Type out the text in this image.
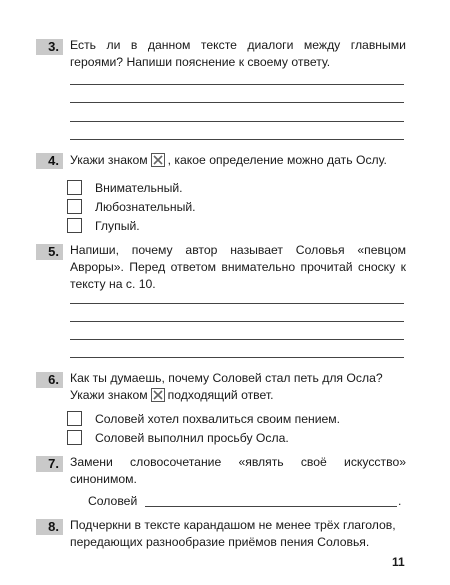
3. Есть ли в данном тексте диалоги между главными героями? Напиши пояснение к своему ответу.

4. Укажи знаком , какое определение можно дать Ослу.

Внимательный.
Любознательный.
Глупый.
5. Напиши, почему автор называет Соловья «певцом Авроры». Перед ответом внимательно прочитай сноску к тексту на с. 10.

6. Как ты думаешь, почему Соловей стал петь для Осла? Укажи знаком подходящий ответ.

Соловей хотел похвалиться своим пением.
Соловей выполнил просьбу Осла.
7. Замени словосочетание «являть своё искусство» синонимом.

Соловей	.
8. Подчеркни в тексте карандашом не менее трёх глаголов, передающих разнообразие приёмов пения Соловья.

11
